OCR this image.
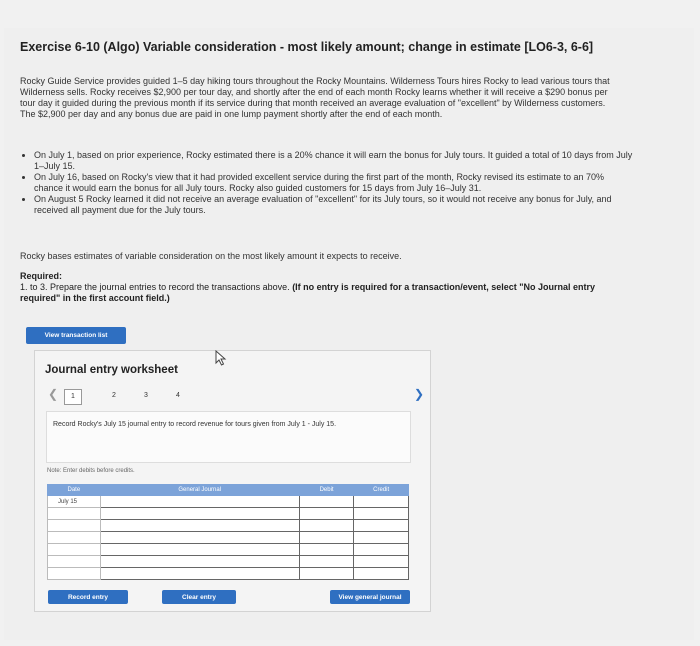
Exercise 6-10 (Algo) Variable consideration - most likely amount; change in estimate [LO6-3, 6-6]
Rocky Guide Service provides guided 1–5 day hiking tours throughout the Rocky Mountains. Wilderness Tours hires Rocky to lead various tours that Wilderness sells. Rocky receives $2,900 per tour day, and shortly after the end of each month Rocky learns whether it will receive a $290 bonus per tour day it guided during the previous month if its service during that month received an average evaluation of "excellent" by Wilderness customers. The $2,900 per day and any bonus due are paid in one lump payment shortly after the end of each month.
• On July 1, based on prior experience, Rocky estimated there is a 20% chance it will earn the bonus for July tours. It guided a total of 10 days from July 1–July 15.
• On July 16, based on Rocky's view that it had provided excellent service during the first part of the month, Rocky revised its estimate to an 70% chance it would earn the bonus for all July tours. Rocky also guided customers for 15 days from July 16–July 31.
• On August 5 Rocky learned it did not receive an average evaluation of "excellent" for its July tours, so it would not receive any bonus for July, and received all payment due for the July tours.
Rocky bases estimates of variable consideration on the most likely amount it expects to receive.
Required:
1. to 3. Prepare the journal entries to record the transactions above. (If no entry is required for a transaction/event, select "No Journal entry required" in the first account field.)
View transaction list
Journal entry worksheet
❮	1	2	3	4	❯
Record Rocky's July 15 journal entry to record revenue for tours given from July 1 - July 15.
Note: Enter debits before credits.
Date	General Journal	Debit	Credit
July 15			

Record entry	Clear entry	View general journal
